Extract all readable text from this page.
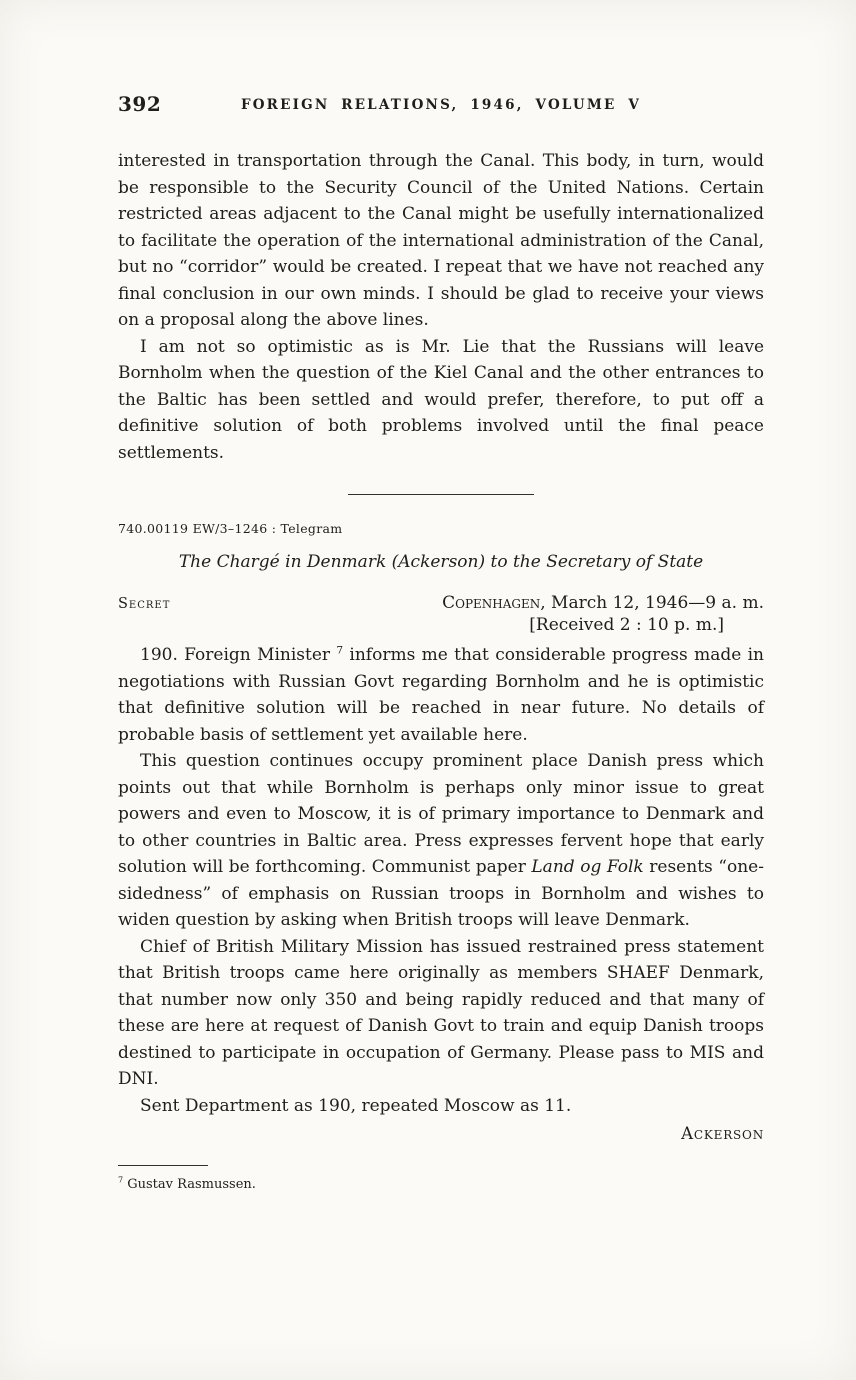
392	FOREIGN RELATIONS, 1946, VOLUME V

interested in transportation through the Canal. This body, in turn, would be responsible to the Security Council of the United Nations. Certain restricted areas adjacent to the Canal might be usefully internationalized to facilitate the operation of the international administration of the Canal, but no “corridor” would be created. I repeat that we have not reached any final conclusion in our own minds. I should be glad to receive your views on a proposal along the above lines.

I am not so optimistic as is Mr. Lie that the Russians will leave Bornholm when the question of the Kiel Canal and the other entrances to the Baltic has been settled and would prefer, therefore, to put off a definitive solution of both problems involved until the final peace settlements.

740.00119 EW/3–1246 : Telegram

The Chargé in Denmark (Ackerson) to the Secretary of State

Secret	Copenhagen, March 12, 1946—9 a. m.

[Received 2 : 10 p. m.]

190. Foreign Minister $^7$ informs me that considerable progress made in negotiations with Russian Govt regarding Bornholm and he is optimistic that definitive solution will be reached in near future. No details of probable basis of settlement yet available here.

This question continues occupy prominent place Danish press which points out that while Bornholm is perhaps only minor issue to great powers and even to Moscow, it is of primary importance to Denmark and to other countries in Baltic area. Press expresses fervent hope that early solution will be forthcoming. Communist paper Land og Folk resents “one-sidedness” of emphasis on Russian troops in Bornholm and wishes to widen question by asking when British troops will leave Denmark.

Chief of British Military Mission has issued restrained press statement that British troops came here originally as members SHAEF Denmark, that number now only 350 and being rapidly reduced and that many of these are here at request of Danish Govt to train and equip Danish troops destined to participate in occupation of Germany. Please pass to MIS and DNI.

Sent Department as 190, repeated Moscow as 11.

Ackerson

$^7$ Gustav Rasmussen.
